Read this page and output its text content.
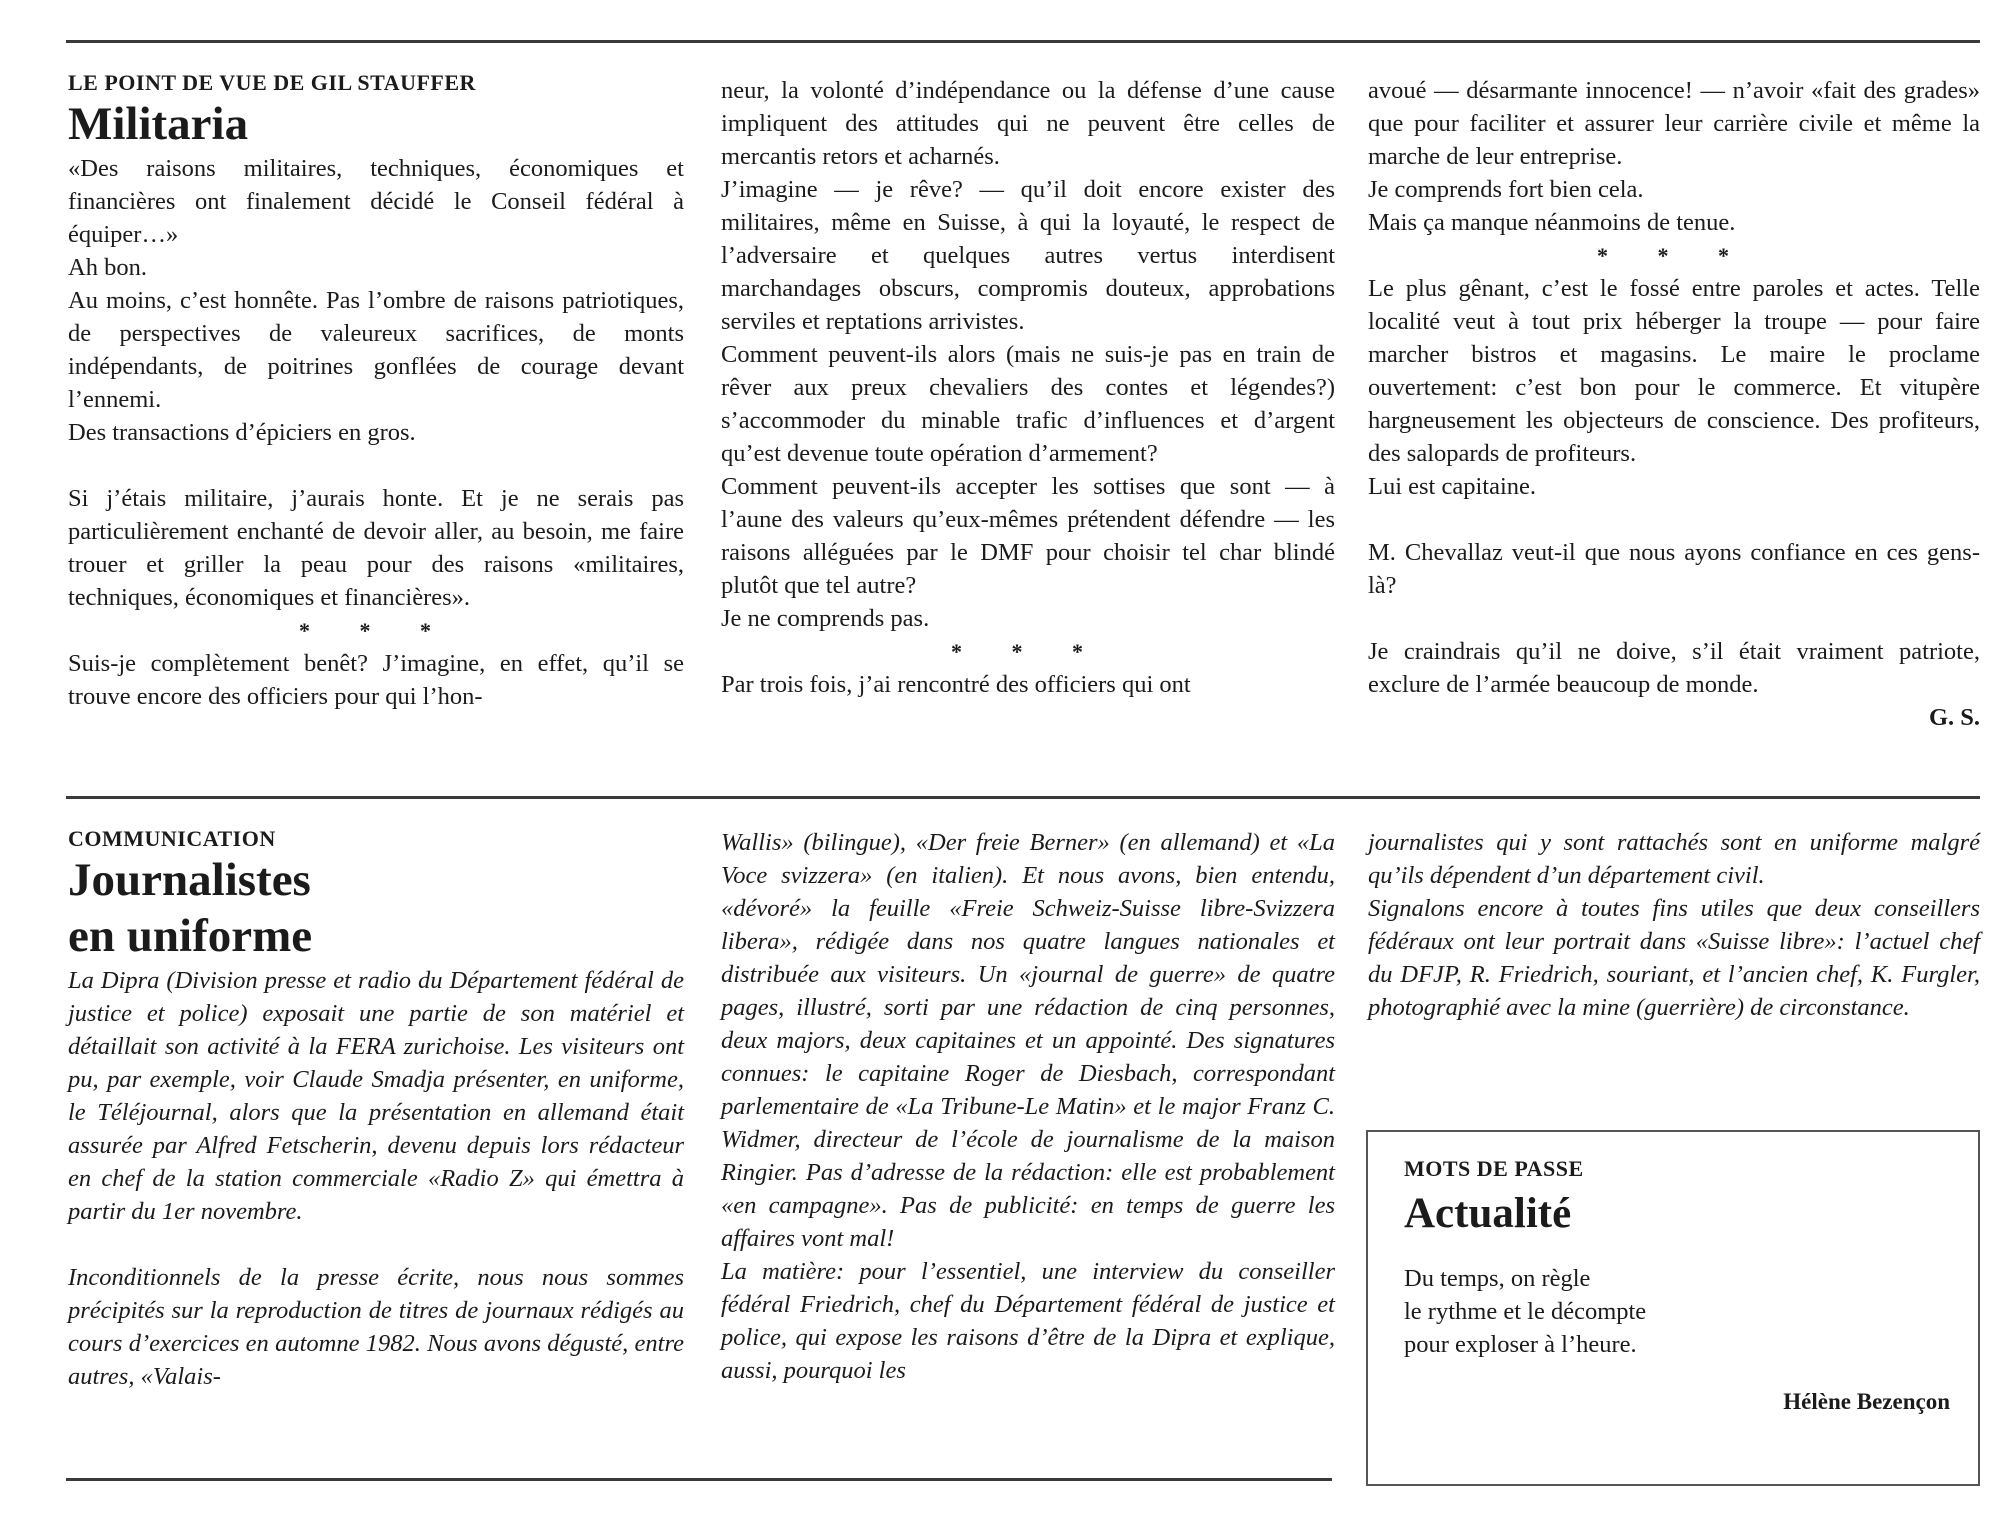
LE POINT DE VUE DE GIL STAUFFER

Militaria

«Des raisons militaires, techniques, économiques et financières ont finalement décidé le Conseil fédéral à équiper…»

Ah bon.

Au moins, c’est honnête. Pas l’ombre de raisons patriotiques, de perspectives de valeureux sacrifices, de monts indépendants, de poitrines gonflées de courage devant l’ennemi.

Des transactions d’épiciers en gros.

Si j’étais militaire, j’aurais honte. Et je ne serais pas particulièrement enchanté de devoir aller, au besoin, me faire trouer et griller la peau pour des raisons «militaires, techniques, économiques et financières».

* * *

Suis-je complètement benêt? J’imagine, en effet, qu’il se trouve encore des officiers pour qui l’hon-

neur, la volonté d’indépendance ou la défense d’une cause impliquent des attitudes qui ne peuvent être celles de mercantis retors et acharnés.

J’imagine — je rêve? — qu’il doit encore exister des militaires, même en Suisse, à qui la loyauté, le respect de l’adversaire et quelques autres vertus interdisent marchandages obscurs, compromis douteux, approbations serviles et reptations arrivistes.

Comment peuvent-ils alors (mais ne suis-je pas en train de rêver aux preux chevaliers des contes et légendes?) s’accommoder du minable trafic d’influences et d’argent qu’est devenue toute opération d’armement?

Comment peuvent-ils accepter les sottises que sont — à l’aune des valeurs qu’eux-mêmes prétendent défendre — les raisons alléguées par le DMF pour choisir tel char blindé plutôt que tel autre?

Je ne comprends pas.

* * *

Par trois fois, j’ai rencontré des officiers qui ont

avoué — désarmante innocence! — n’avoir «fait des grades» que pour faciliter et assurer leur carrière civile et même la marche de leur entreprise.

Je comprends fort bien cela.

Mais ça manque néanmoins de tenue.

* * *

Le plus gênant, c’est le fossé entre paroles et actes. Telle localité veut à tout prix héberger la troupe — pour faire marcher bistros et magasins. Le maire le proclame ouvertement: c’est bon pour le commerce. Et vitupère hargneusement les objecteurs de conscience. Des profiteurs, des salopards de profiteurs.

Lui est capitaine.

M. Chevallaz veut-il que nous ayons confiance en ces gens-là?

Je craindrais qu’il ne doive, s’il était vraiment patriote, exclure de l’armée beaucoup de monde.

G. S.

COMMUNICATION

Journalistes

en uniforme

La Dipra (Division presse et radio du Département fédéral de justice et police) exposait une partie de son matériel et détaillait son activité à la FERA zurichoise. Les visiteurs ont pu, par exemple, voir Claude Smadja présenter, en uniforme, le Téléjournal, alors que la présentation en allemand était assurée par Alfred Fetscherin, devenu depuis lors rédacteur en chef de la station commerciale «Radio Z» qui émettra à partir du 1er novembre.

Inconditionnels de la presse écrite, nous nous sommes précipités sur la reproduction de titres de journaux rédigés au cours d’exercices en automne 1982. Nous avons dégusté, entre autres, «Valais-

Wallis» (bilingue), «Der freie Berner» (en allemand) et «La Voce svizzera» (en italien). Et nous avons, bien entendu, «dévoré» la feuille «Freie Schweiz-Suisse libre-Svizzera libera», rédigée dans nos quatre langues nationales et distribuée aux visiteurs. Un «journal de guerre» de quatre pages, illustré, sorti par une rédaction de cinq personnes, deux majors, deux capitaines et un appointé. Des signatures connues: le capitaine Roger de Diesbach, correspondant parlementaire de «La Tribune-Le Matin» et le major Franz C. Widmer, directeur de l’école de journalisme de la maison Ringier. Pas d’adresse de la rédaction: elle est probablement «en campagne». Pas de publicité: en temps de guerre les affaires vont mal!

La matière: pour l’essentiel, une interview du conseiller fédéral Friedrich, chef du Département fédéral de justice et police, qui expose les raisons d’être de la Dipra et explique, aussi, pourquoi les

journalistes qui y sont rattachés sont en uniforme malgré qu’ils dépendent d’un département civil.

Signalons encore à toutes fins utiles que deux conseillers fédéraux ont leur portrait dans «Suisse libre»: l’actuel chef du DFJP, R. Friedrich, souriant, et l’ancien chef, K. Furgler, photographié avec la mine (guerrière) de circonstance.

MOTS DE PASSE

Actualité

Du temps, on règle
le rythme et le décompte
pour exploser à l’heure.
Hélène Bezençon
